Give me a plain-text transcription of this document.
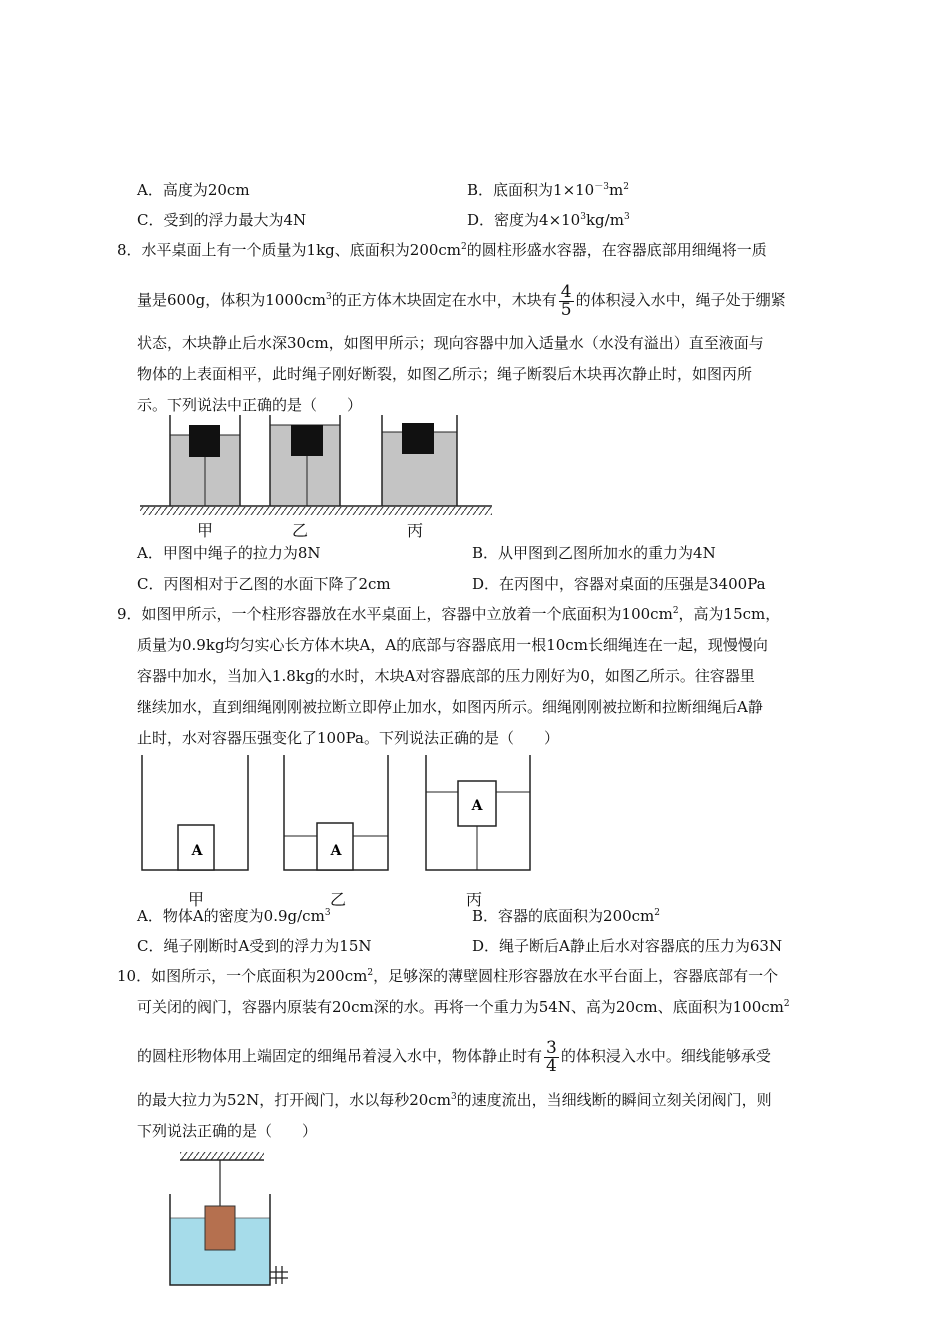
A．高度为20cm	B．底面积为$1\times 10^{-3}m^2$
C．受到的浮力最大为4N	D．密度为$4\times 10^3kg/m^3$
8．水平桌面上有一个质量为1kg、底面积为$200cm^2$的圆柱形盛水容器，在容器底部用细绳将一质
量是600g，体积为$1000cm^3$的正方体木块固定在水中，木块有 $\frac{4}{5}$ 的体积浸入水中，绳子处于绷紧
状态，木块静止后水深30cm，如图甲所示；现向容器中加入适量水（水没有溢出）直至液面与
物体的上表面相平，此时绳子刚好断裂，如图乙所示；绳子断裂后木块再次静止时，如图丙所
示。下列说法中正确的是（　　）
甲	乙	丙
A．甲图中绳子的拉力为8N	B．从甲图到乙图所加水的重力为4N
C．丙图相对于乙图的水面下降了2cm	D．在丙图中，容器对桌面的压强是3400Pa
9．如图甲所示，一个柱形容器放在水平桌面上，容器中立放着一个底面积为$100cm^2$，高为15cm，
质量为0.9kg均匀实心长方体木块A，A的底部与容器底用一根10cm长细绳连在一起，现慢慢向
容器中加水，当加入1.8kg的水时，木块A对容器底部的压力刚好为0，如图乙所示。往容器里
继续加水，直到细绳刚刚被拉断立即停止加水，如图丙所示。细绳刚刚被拉断和拉断细绳后A静
止时，水对容器压强变化了100Pa。下列说法正确的是（　　）
A	A
A
甲	乙	丙
A．物体A的密度为$0.9g/cm^3$	B．容器的底面积为$200cm^2$
C．绳子刚断时A受到的浮力为15N	D．绳子断后A静止后水对容器底的压力为63N
10．如图所示，一个底面积为$200cm^2$，足够深的薄壁圆柱形容器放在水平台面上，容器底部有一个
可关闭的阀门，容器内原装有20cm深的水。再将一个重力为54N、高为20cm、底面积为$100cm^2$
的圆柱形物体用上端固定的细绳吊着浸入水中，物体静止时有 $\frac{3}{4}$ 的体积浸入水中。细线能够承受
的最大拉力为52N，打开阀门，水以每秒$20cm^3$的速度流出，当细线断的瞬间立刻关闭阀门，则
下列说法正确的是（　　）
